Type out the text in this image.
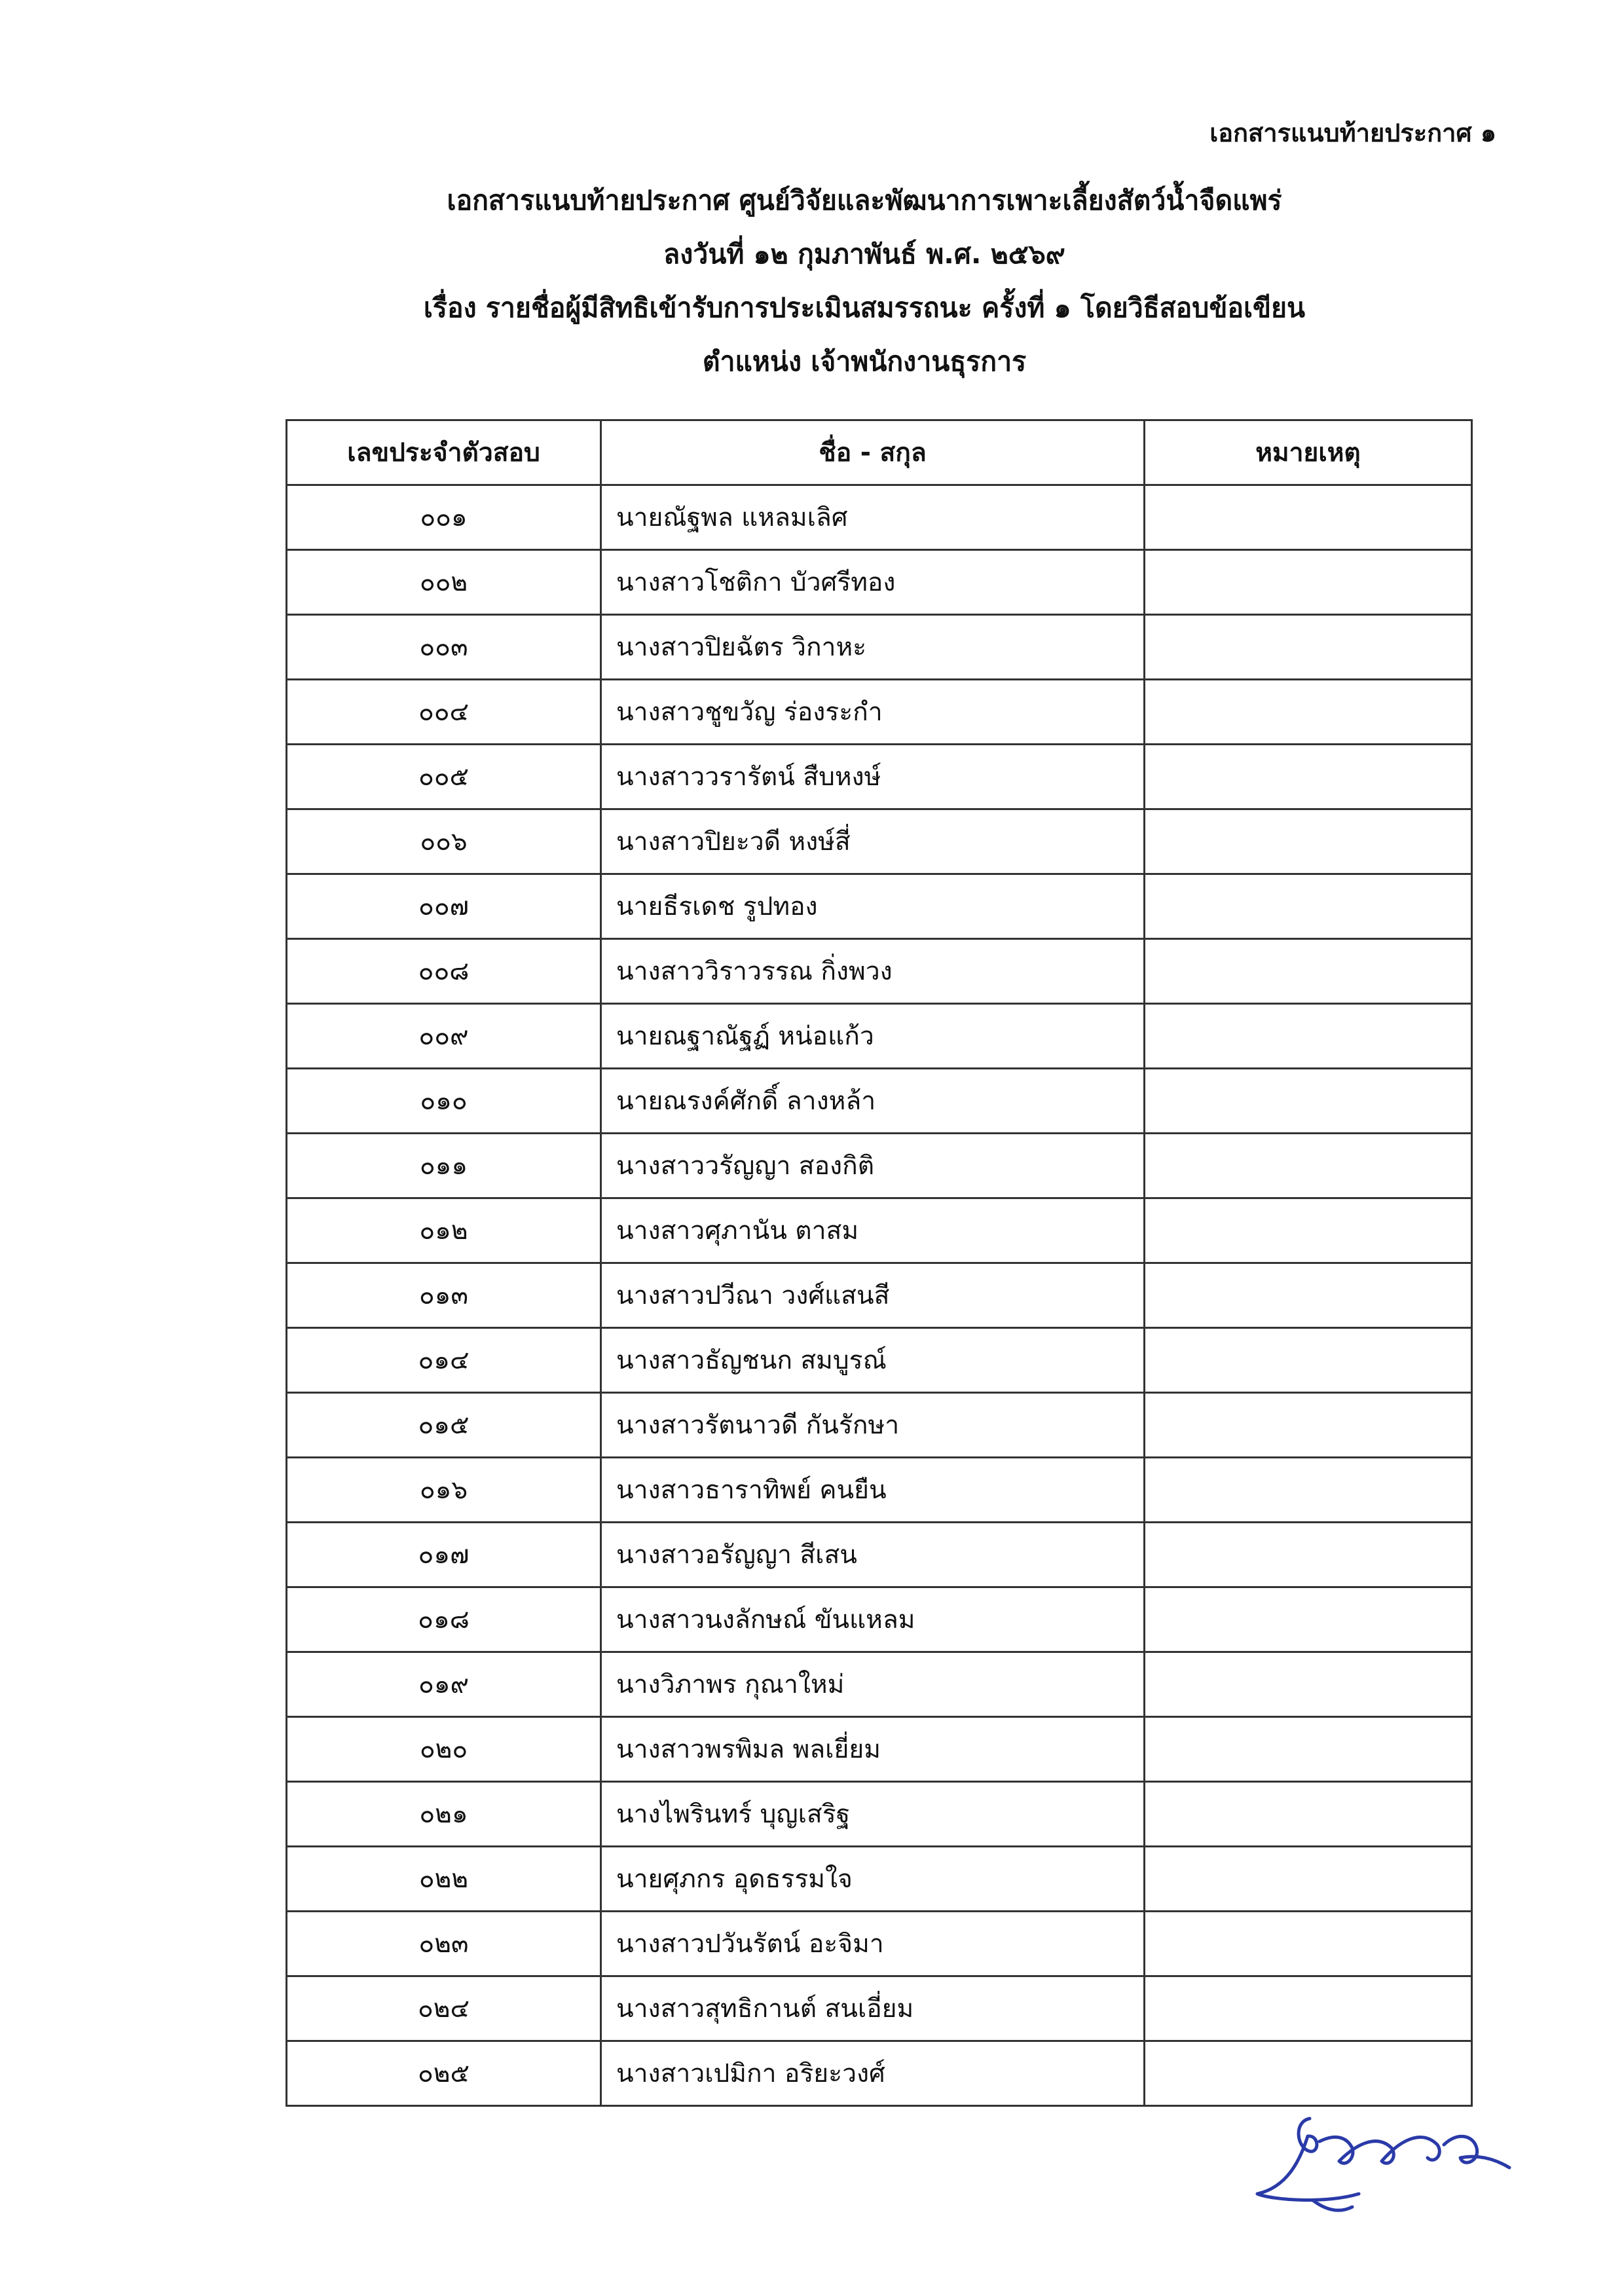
เอกสารแนบท้ายประกาศ ๑
เอกสารแนบท้ายประกาศ ศูนย์วิจัยและพัฒนาการเพาะเลี้ยงสัตว์น้ำจืดแพร่
ลงวันที่ ๑๒ กุมภาพันธ์ พ.ศ. ๒๕๖๙
เรื่อง รายชื่อผู้มีสิทธิเข้ารับการประเมินสมรรถนะ ครั้งที่ ๑ โดยวิธีสอบข้อเขียน
ตำแหน่ง เจ้าพนักงานธุรการ
เลขประจำตัวสอบ	ชื่อ - สกุล	หมายเหตุ
๐๐๑	นายณัฐพล แหลมเลิศ	
๐๐๒	นางสาวโชติกา บัวศรีทอง	
๐๐๓	นางสาวปิยฉัตร วิกาหะ	
๐๐๔	นางสาวชูขวัญ ร่องระกำ	
๐๐๕	นางสาววรารัตน์ สืบหงษ์	
๐๐๖	นางสาวปิยะวดี หงษ์สี่	
๐๐๗	นายธีรเดช รูปทอง	
๐๐๘	นางสาววิราวรรณ กิ่งพวง	
๐๐๙	นายณฐาณัฐฏ์ หน่อแก้ว	
๐๑๐	นายณรงค์ศักดิ์ ลางหล้า	
๐๑๑	นางสาววรัญญา สองกิติ	
๐๑๒	นางสาวศุภานัน ตาสม	
๐๑๓	นางสาวปวีณา วงศ์แสนสี	
๐๑๔	นางสาวธัญชนก สมบูรณ์	
๐๑๕	นางสาวรัตนาวดี กันรักษา	
๐๑๖	นางสาวธาราทิพย์ คนยืน	
๐๑๗	นางสาวอรัญญา สีเสน	
๐๑๘	นางสาวนงลักษณ์ ขันแหลม	
๐๑๙	นางวิภาพร กุณาใหม่	
๐๒๐	นางสาวพรพิมล พลเยี่ยม	
๐๒๑	นางไพรินทร์ บุญเสริฐ	
๐๒๒	นายศุภกร อุดธรรมใจ	
๐๒๓	นางสาวปวันรัตน์ อะจิมา	
๐๒๔	นางสาวสุทธิกานต์ สนเอี่ยม	
๐๒๕	นางสาวเปมิกา อริยะวงศ์	
